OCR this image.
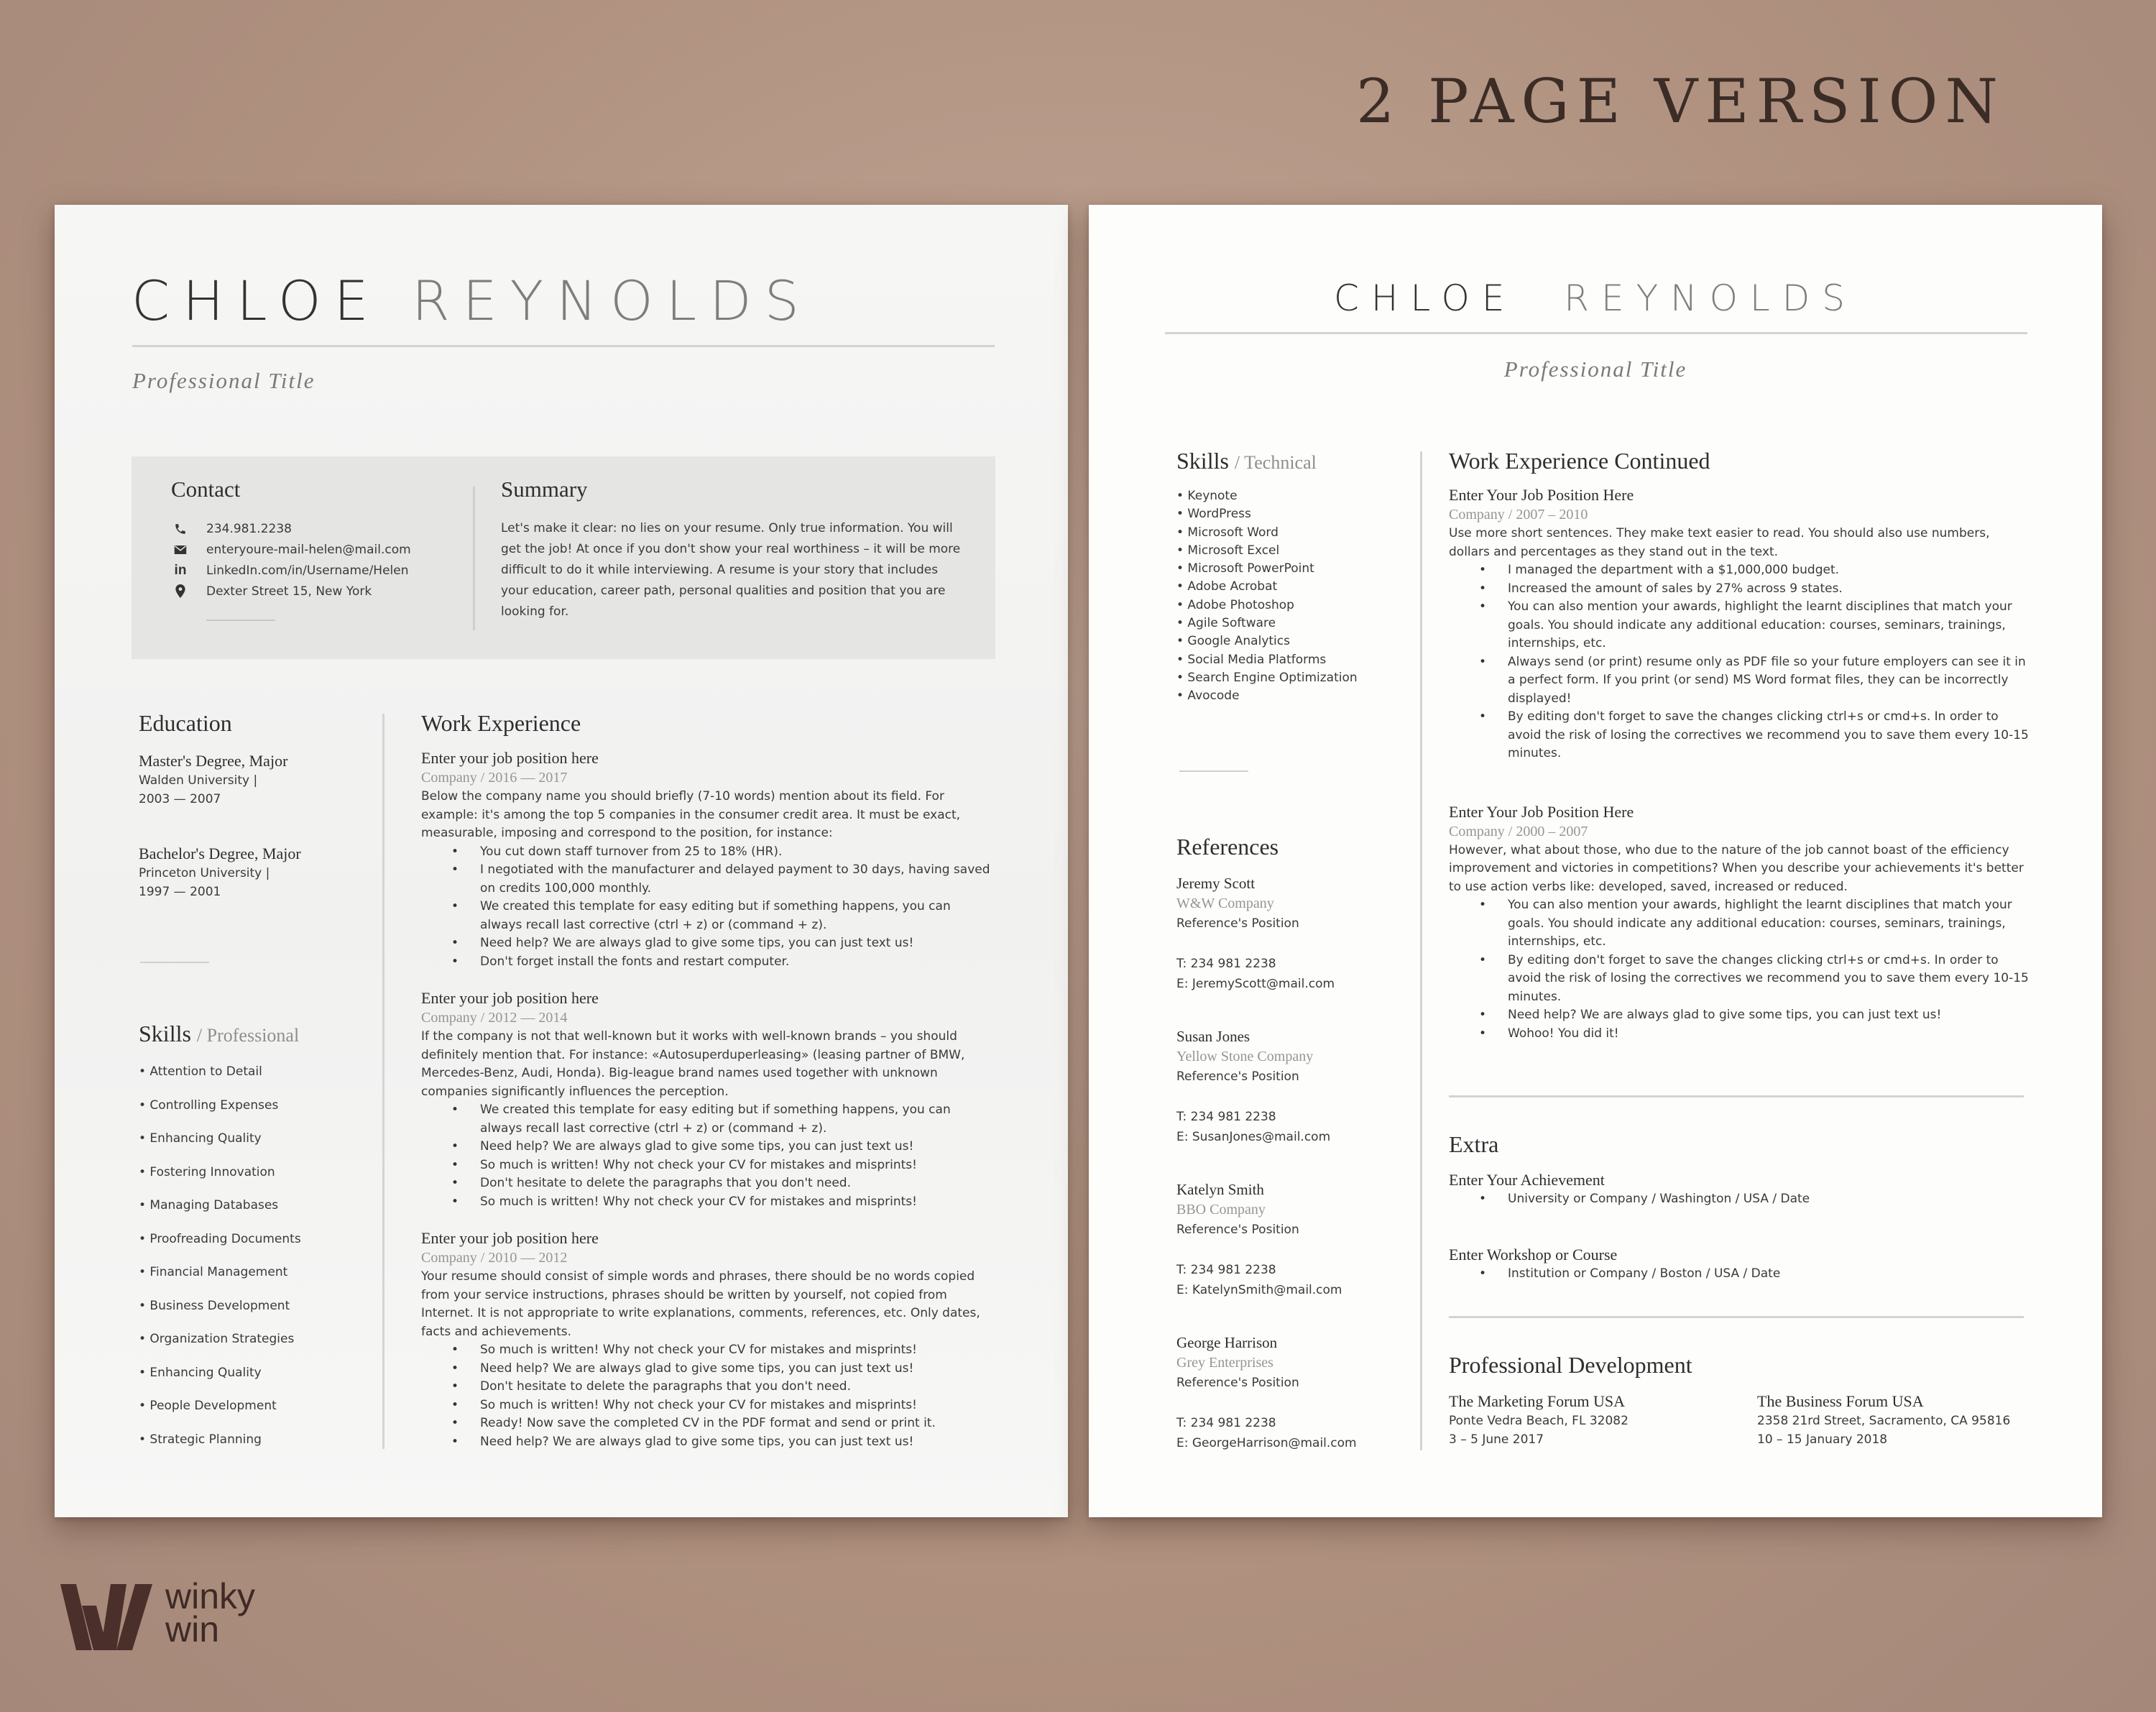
2 PAGE VERSION
CHLOE REYNOLDS
Professional Title
Contact
234.981.2238
enteryoure-mail-helen@mail.com
in LinkedIn.com/in/Username/Helen
Dexter Street 15, New York
Summary
Let's make it clear: no lies on your resume. Only true information. You will get the job! At once if you don't show your real worthiness – it will be more difficult to do it while interviewing. A resume is your story that includes your education, career path, personal qualities and position that you are looking for.
Education
Master's Degree, Major
Walden University |
2003 — 2007
Bachelor's Degree, Major
Princeton University |
1997 — 2001
Skills / Professional
• Attention to Detail
• Controlling Expenses
• Enhancing Quality
• Fostering Innovation
• Managing Databases
• Proofreading Documents
• Financial Management
• Business Development
• Organization Strategies
• Enhancing Quality
• People Development
• Strategic Planning
Work Experience
Enter your job position here
Company / 2016 — 2017
Below the company name you should briefly (7-10 words) mention about its field. For example: it's among the top 5 companies in the consumer credit area. It must be exact, measurable, imposing and correspond to the position, for instance:
• You cut down staff turnover from 25 to 18% (HR).
• I negotiated with the manufacturer and delayed payment to 30 days, having saved on credits 100,000 monthly.
• We created this template for easy editing but if something happens, you can always recall last corrective (ctrl + z) or (command + z).
• Need help? We are always glad to give some tips, you can just text us!
• Don't forget install the fonts and restart computer.
Enter your job position here
Company / 2012 — 2014
If the company is not that well-known but it works with well-known brands – you should definitely mention that. For instance: «Autosuperduperleasing» (leasing partner of BMW, Mercedes-Benz, Audi, Honda). Big-league brand names used together with unknown companies significantly influences the perception.
• We created this template for easy editing but if something happens, you can always recall last corrective (ctrl + z) or (command + z).
• Need help? We are always glad to give some tips, you can just text us!
• So much is written! Why not check your CV for mistakes and misprints!
• Don't hesitate to delete the paragraphs that you don't need.
• So much is written! Why not check your CV for mistakes and misprints!
Enter your job position here
Company / 2010 — 2012
Your resume should consist of simple words and phrases, there should be no words copied from your service instructions, phrases should be written by yourself, not copied from Internet. It is not appropriate to write explanations, comments, references, etc. Only dates, facts and achievements.
• So much is written! Why not check your CV for mistakes and misprints!
• Need help? We are always glad to give some tips, you can just text us!
• Don't hesitate to delete the paragraphs that you don't need.
• So much is written! Why not check your CV for mistakes and misprints!
• Ready! Now save the completed CV in the PDF format and send or print it.
• Need help? We are always glad to give some tips, you can just text us!
CHLOE REYNOLDS
Professional Title
Skills / Technical
• Keynote
• WordPress
• Microsoft Word
• Microsoft Excel
• Microsoft PowerPoint
• Adobe Acrobat
• Adobe Photoshop
• Agile Software
• Google Analytics
• Social Media Platforms
• Search Engine Optimization
• Avocode
References
Jeremy Scott
W&W Company
Reference's Position
T: 234 981 2238
E: JeremyScott@mail.com
Susan Jones
Yellow Stone Company
Reference's Position
T: 234 981 2238
E: SusanJones@mail.com
Katelyn Smith
BBO Company
Reference's Position
T: 234 981 2238
E: KatelynSmith@mail.com
George Harrison
Grey Enterprises
Reference's Position
T: 234 981 2238
E: GeorgeHarrison@mail.com
Work Experience Continued
Enter Your Job Position Here
Company / 2007 – 2010
Use more short sentences. They make text easier to read. You should also use numbers, dollars and percentages as they stand out in the text.
• I managed the department with a $1,000,000 budget.
• Increased the amount of sales by 27% across 9 states.
• You can also mention your awards, highlight the learnt disciplines that match your goals. You should indicate any additional education: courses, seminars, trainings, internships, etc.
• Always send (or print) resume only as PDF file so your future employers can see it in a perfect form. If you print (or send) MS Word format files, they can be incorrectly displayed!
• By editing don't forget to save the changes clicking ctrl+s or cmd+s. In order to avoid the risk of losing the correctives we recommend you to save them every 10-15 minutes.
Enter Your Job Position Here
Company / 2000 – 2007
However, what about those, who due to the nature of the job cannot boast of the efficiency improvement and victories in competitions? When you describe your achievements it's better to use action verbs like: developed, saved, increased or reduced.
• You can also mention your awards, highlight the learnt disciplines that match your goals. You should indicate any additional education: courses, seminars, trainings, internships, etc.
• By editing don't forget to save the changes clicking ctrl+s or cmd+s. In order to avoid the risk of losing the correctives we recommend you to save them every 10-15 minutes.
• Need help? We are always glad to give some tips, you can just text us!
• Wohoo! You did it!
Extra
Enter Your Achievement
• University or Company / Washington / USA / Date
Enter Workshop or Course
• Institution or Company / Boston / USA / Date
Professional Development
The Marketing Forum USA
Ponte Vedra Beach, FL 32082
3 – 5 June 2017
The Business Forum USA
2358 21rd Street, Sacramento, CA 95816
10 – 15 January 2018
winky
win
